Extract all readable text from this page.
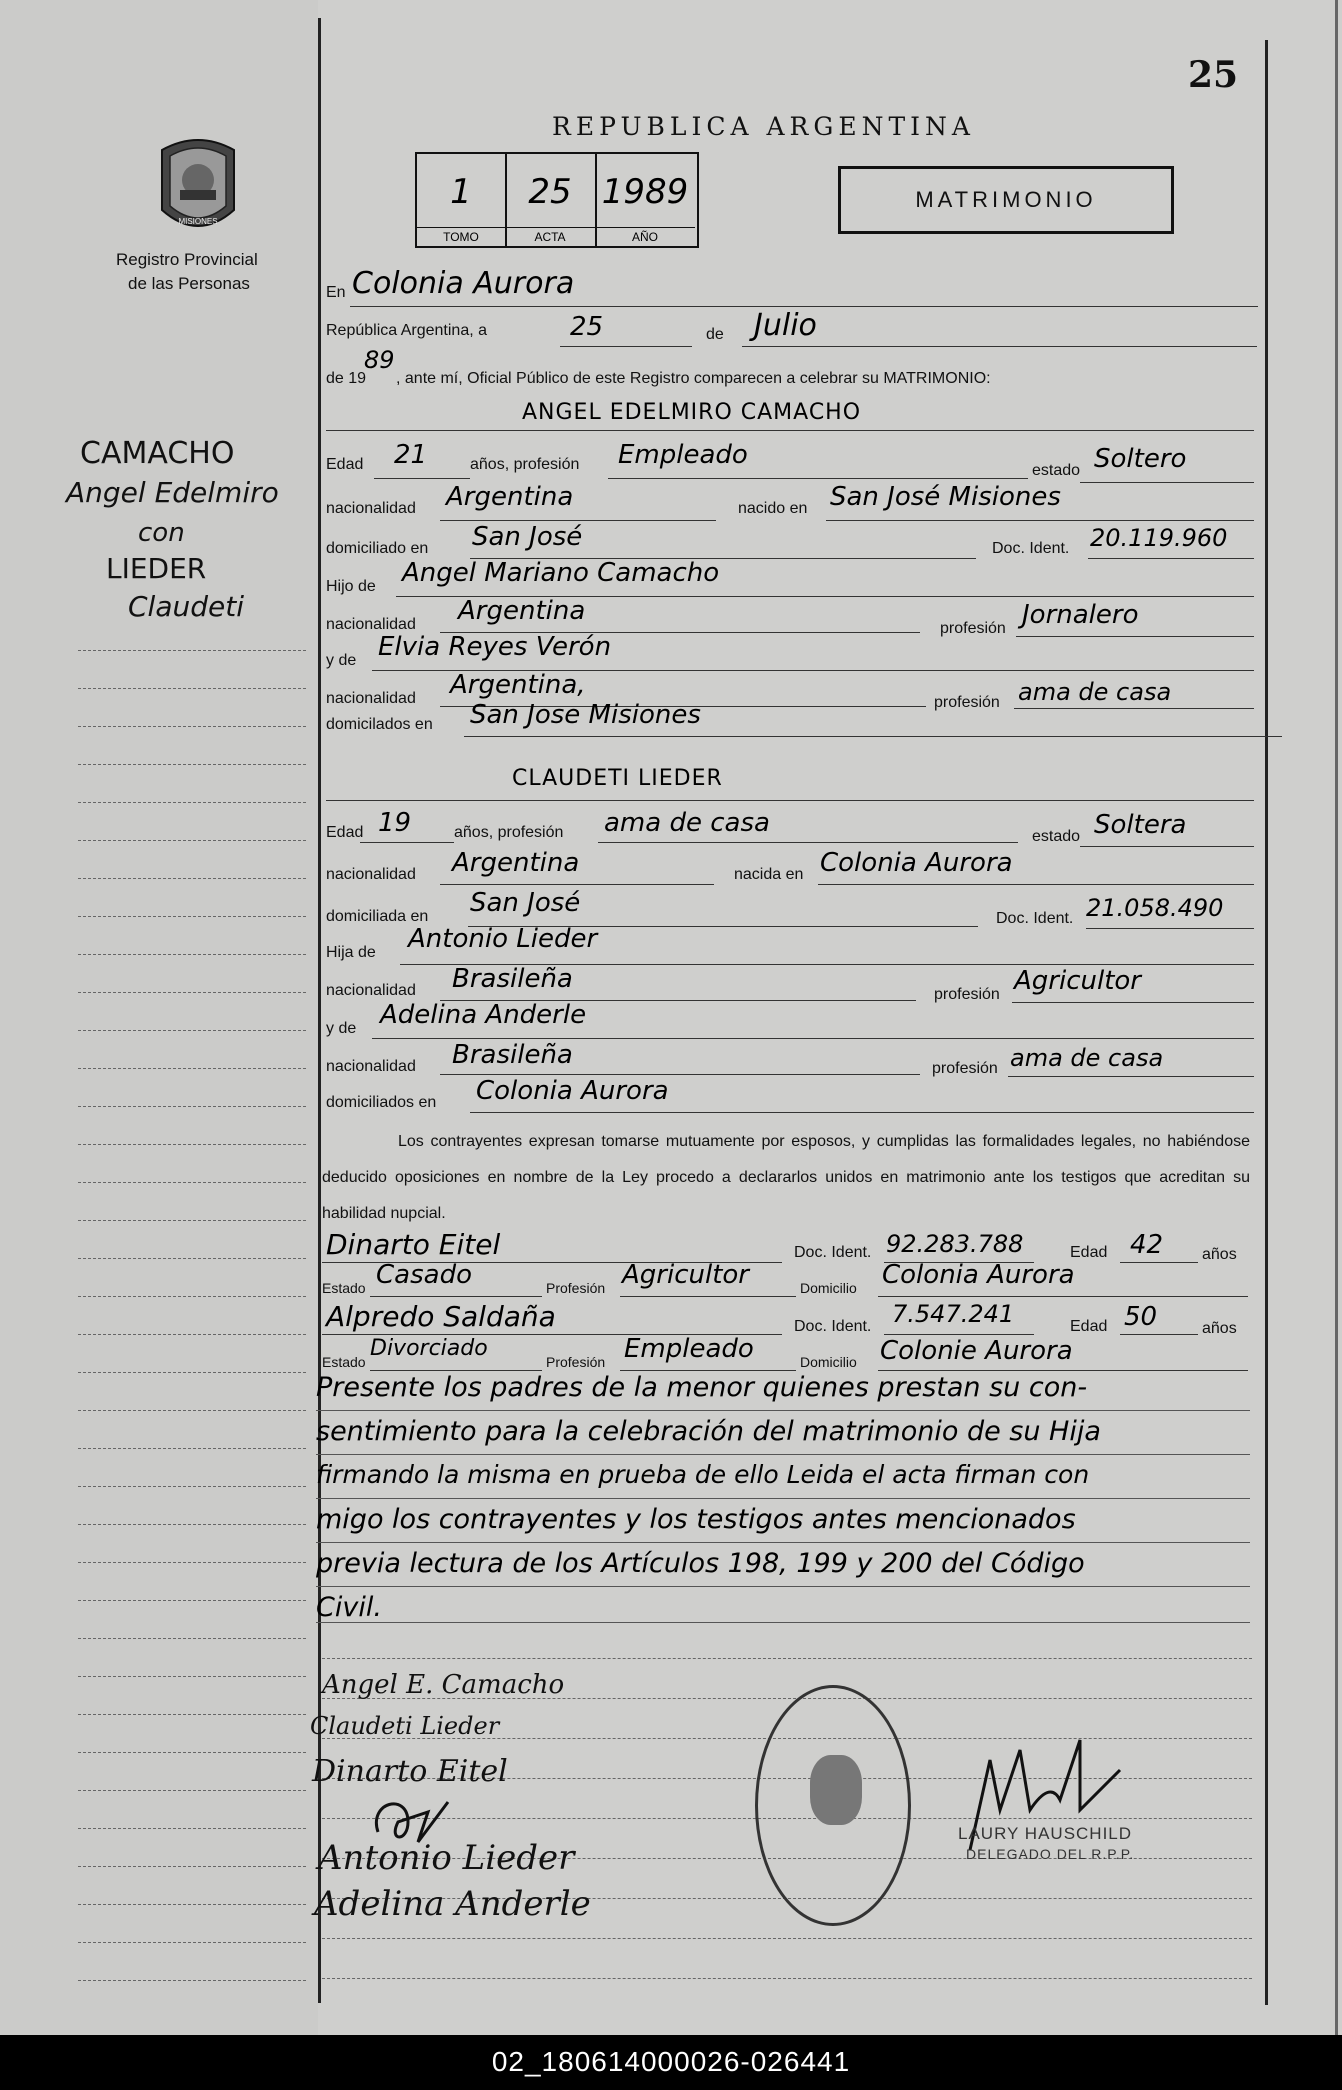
25
MISIONES
Registro Provincial
de las Personas
REPUBLICA ARGENTINA
1
TOMO
25
ACTA
1989
AÑO
MATRIMONIO
CAMACHO
Angel Edelmiro
con
LIEDER
Claudeti
En Colonia Aurora
República Argentina, a	25	de Julio
de 19
89
, ante mí, Oficial Público de este Registro comparecen a celebrar su MATRIMONIO:
ANGEL EDELMIRO CAMACHO
Edad 21	años, profesión Empleado
estado Soltero
nacionalidad Argentina	nacido en San José Misiones
domiciliado en San José	Doc. Ident. 20.119.960
Hijo de Angel Mariano Camacho
nacionalidad Argentina
profesión Jornalero
y de Elvia Reyes Verón
nacionalidad Argentina,
profesión ama de casa
domicilados en San Jose Misiones
CLAUDETI LIEDER
Edad 19	años, profesión ama de casa	estado Soltera
nacionalidad Argentina	nacida en Colonia Aurora
domiciliada en San José
Doc. Ident. 21.058.490
Hija de Antonio Lieder
nacionalidad Brasileña
profesión Agricultor
y de Adelina Anderle
nacionalidad Brasileña	profesión ama de casa
domiciliados en Colonia Aurora
Los contrayentes expresan tomarse mutuamente por esposos, y cumplidas las formalidades legales, no habiéndose deducido oposiciones en nombre de la Ley procedo a declararlos unidos en matrimonio ante los testigos que acreditan su habilidad nupcial.
Dinarto Eitel	Doc. Ident. 92.283.788	Edad 42 años
Estado Casado	Profesión Agricultor	Domicilio Colonia Aurora
Alpredo Saldaña	Doc. Ident. 7.547.241	Edad 50	años
Estado
Divorciado
Profesión Empleado	Domicilio Colonie Aurora
Presente los padres de la menor quienes prestan su con-
sentimiento para la celebración del matrimonio de su Hija
firmando la misma en prueba de ello Leida el acta firman con
migo los contrayentes y los testigos antes mencionados
previa lectura de los Artículos 198, 199 y 200 del Código
Civil.
Angel E. Camacho
Claudeti Lieder
Dinarto Eitel
Antonio Lieder
Adelina Anderle
LAURY HAUSCHILD
DELEGADO DEL R.P.P.
02_180614000026-026441
